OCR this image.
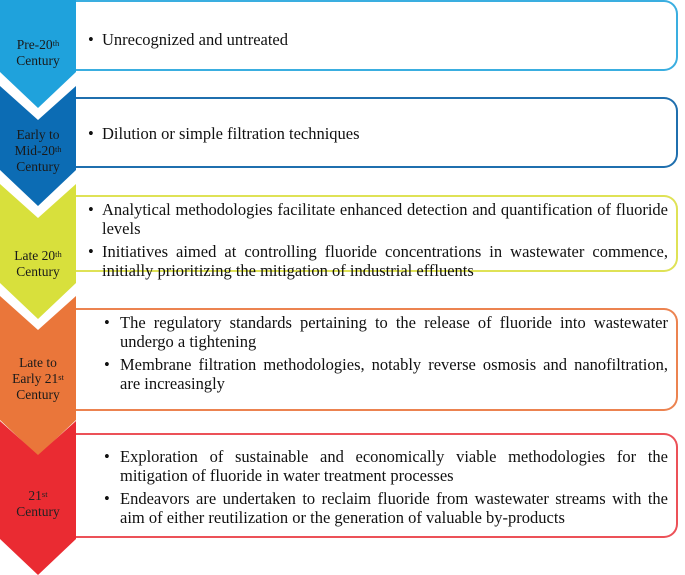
Pre-20th
Century
• Unrecognized and untreated
Early to
Mid-20th
Century
• Dilution or simple filtration techniques
Late 20th
Century
• Analytical methodologies facilitate enhanced detection and quantification of fluoride levels
• Initiatives aimed at controlling fluoride concentrations in wastewater commence, initially prioritizing the mitigation of industrial effluents
Late to
Early 21st
Century
• The regulatory standards pertaining to the release of fluoride into wastewater undergo a tightening
• Membrane filtration methodologies, notably reverse osmosis and nanofiltration, are increasingly
21st
Century
• Exploration of sustainable and economically viable methodologies for the mitigation of fluoride in water treatment processes
• Endeavors are undertaken to reclaim fluoride from wastewater streams with the aim of either reutilization or the generation of valuable by-products
